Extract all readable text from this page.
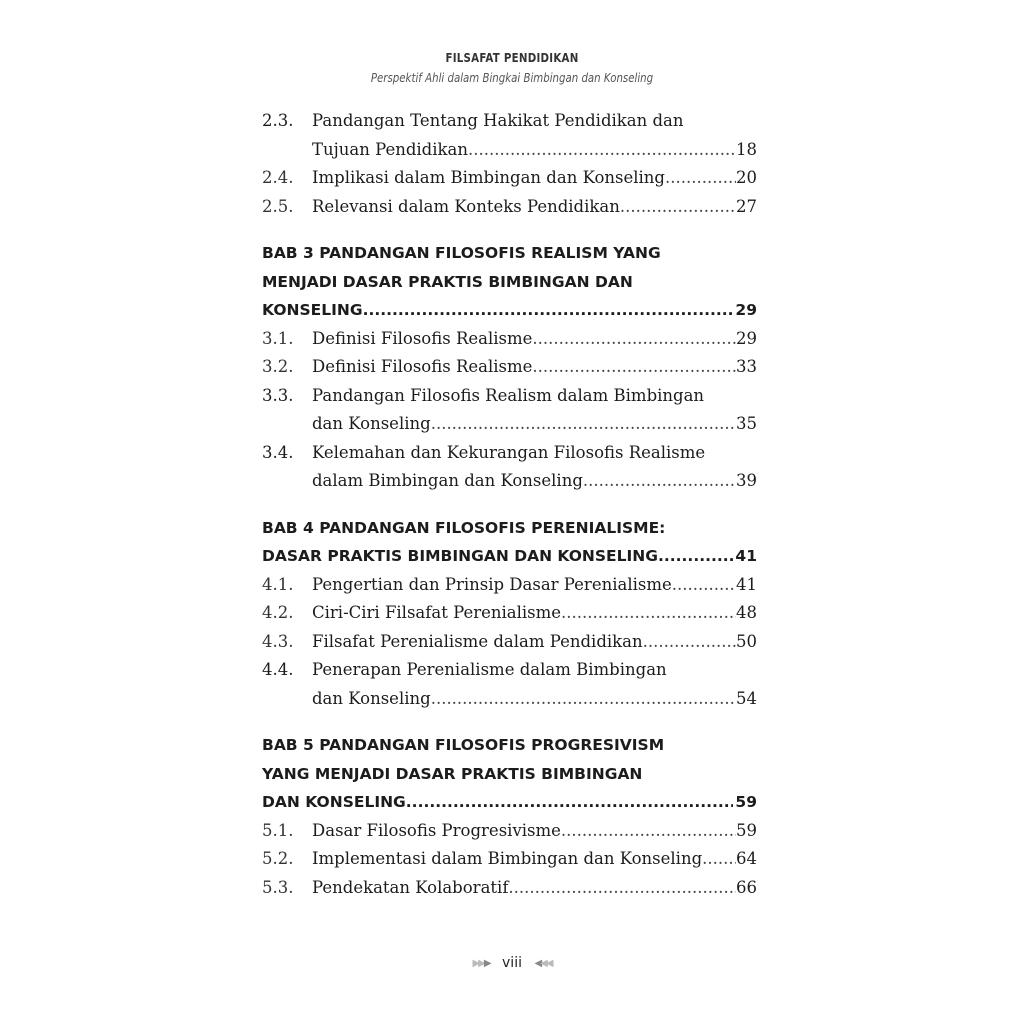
FILSAFAT PENDIDIKAN
Perspektif Ahli dalam Bingkai Bimbingan dan Konseling
2.3. Pandangan Tentang Hakikat Pendidikan dan
Tujuan Pendidikan .....	18
2.4.	Implikasi dalam Bimbingan dan Konseling .....	20
2.5.	Relevansi dalam Konteks Pendidikan .....	27
BAB 3 PANDANGAN FILOSOFIS REALISM YANG
MENJADI DASAR PRAKTIS BIMBINGAN DAN
KONSELING .....	29
3.1.	Definisi Filosofis Realisme .....	29
3.2.	Definisi Filosofis Realisme .....	33
3.3. Pandangan Filosofis Realism dalam Bimbingan
dan Konseling .....	35
3.4. Kelemahan dan Kekurangan Filosofis Realisme
dalam Bimbingan dan Konseling .....	39
BAB 4 PANDANGAN FILOSOFIS PERENIALISME:
DASAR PRAKTIS BIMBINGAN DAN KONSELING .....	41
4.1.	Pengertian dan Prinsip Dasar Perenialisme .....	41
4.2.	Ciri-Ciri Filsafat Perenialisme .....	48
4.3.	Filsafat Perenialisme dalam Pendidikan .....	50
4.4. Penerapan Perenialisme dalam Bimbingan
dan Konseling .....	54
BAB 5 PANDANGAN FILOSOFIS PROGRESIVISM
YANG MENJADI DASAR PRAKTIS BIMBINGAN
DAN KONSELING .....	59
5.1.	Dasar Filosofis Progresivisme .....	59
5.2.	Implementasi dalam Bimbingan dan Konseling ..... 64
5.3.	Pendekatan Kolaboratif .....	66
▶▶▶ viii ◀◀◀
